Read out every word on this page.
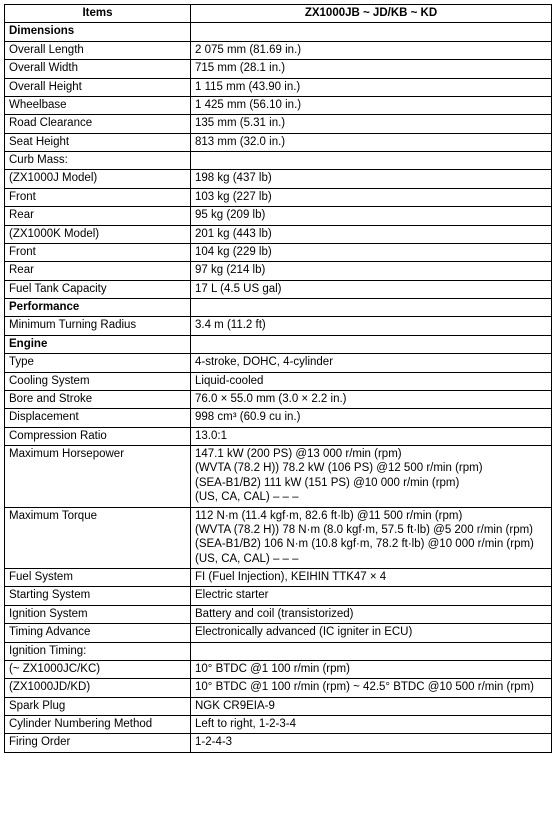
Items	ZX1000JB ~ JD/KB ~ KD
Dimensions	
Overall Length	2 075 mm (81.69 in.)

Overall Width	715 mm (28.1 in.)

Overall Height	1 115 mm (43.90 in.)

Wheelbase	1 425 mm (56.10 in.)

Road Clearance	135 mm (5.31 in.)

Seat Height	813 mm (32.0 in.)

Curb Mass:	

(ZX1000J Model)	198 kg (437 lb)

Front	103 kg (227 lb)

Rear	95 kg (209 lb)

(ZX1000K Model)	201 kg (443 lb)

Front	104 kg (229 lb)

Rear	97 kg (214 lb)

Fuel Tank Capacity	17 L (4.5 US gal)

Performance	
Minimum Turning Radius	3.4 m (11.2 ft)

Engine	
Type	4-stroke, DOHC, 4-cylinder

Cooling System	Liquid-cooled

Bore and Stroke	76.0 × 55.0 mm (3.0 × 2.2 in.)

Displacement	998 cm³ (60.9 cu in.)

Compression Ratio	13.0:1

Maximum Horsepower	147.1 kW (200 PS) @13 000 r/min (rpm)
(WVTA (78.2 H)) 78.2 kW (106 PS) @12 500 r/min (rpm)
(SEA-B1/B2) 111 kW (151 PS) @10 000 r/min (rpm)
(US, CA, CAL) – – –

Maximum Torque	112 N·m (11.4 kgf·m, 82.6 ft·lb) @11 500 r/min (rpm)
(WVTA (78.2 H)) 78 N·m (8.0 kgf·m, 57.5 ft·lb) @5 200 r/min (rpm)
(SEA-B1/B2) 106 N·m (10.8 kgf·m, 78.2 ft·lb) @10 000 r/min (rpm)
(US, CA, CAL) – – –

Fuel System	FI (Fuel Injection), KEIHIN TTK47 × 4

Starting System	Electric starter

Ignition System	Battery and coil (transistorized)

Timing Advance	Electronically advanced (IC igniter in ECU)

Ignition Timing:	

(~ ZX1000JC/KC)	10° BTDC @1 100 r/min (rpm)

(ZX1000JD/KD)	10° BTDC @1 100 r/min (rpm) ~ 42.5° BTDC @10 500 r/min (rpm)

Spark Plug	NGK CR9EIA-9

Cylinder Numbering Method	Left to right, 1-2-3-4

Firing Order	1-2-4-3
